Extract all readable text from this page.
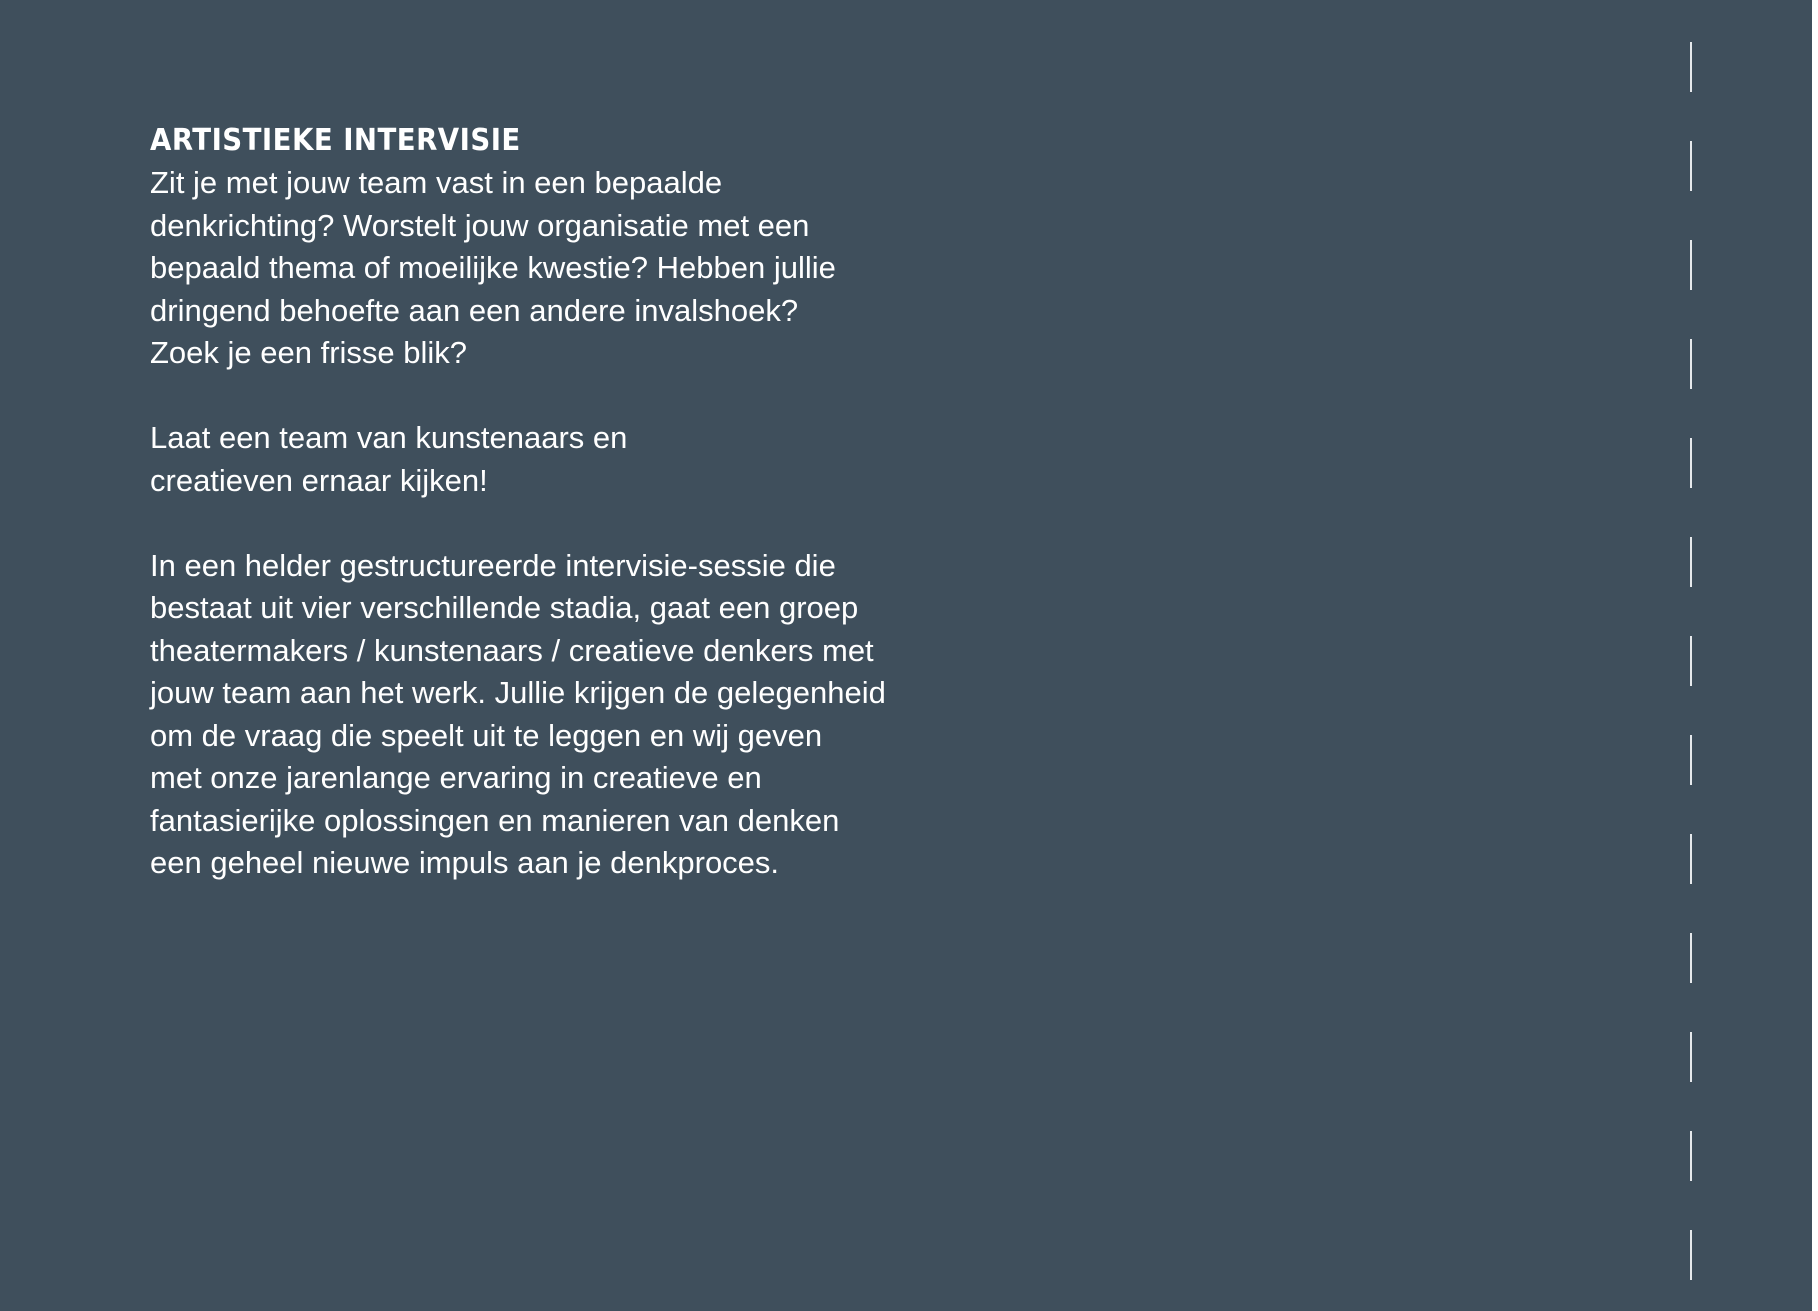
ARTISTIEKE INTERVISIE

Zit je met jouw team vast in een bepaalde
denkrichting? Worstelt jouw organisatie met een
bepaald thema of moeilijke kwestie? Hebben jullie
dringend behoefte aan een andere invalshoek?
Zoek je een frisse blik?

Laat een team van kunstenaars en
creatieven ernaar kijken!

In een helder gestructureerde intervisie-sessie die
bestaat uit vier verschillende stadia, gaat een groep
theatermakers / kunstenaars / creatieve denkers met
jouw team aan het werk. Jullie krijgen de gelegenheid
om de vraag die speelt uit te leggen en wij geven
met onze jarenlange ervaring in creatieve en
fantasierijke oplossingen en manieren van denken
een geheel nieuwe impuls aan je denkproces.
